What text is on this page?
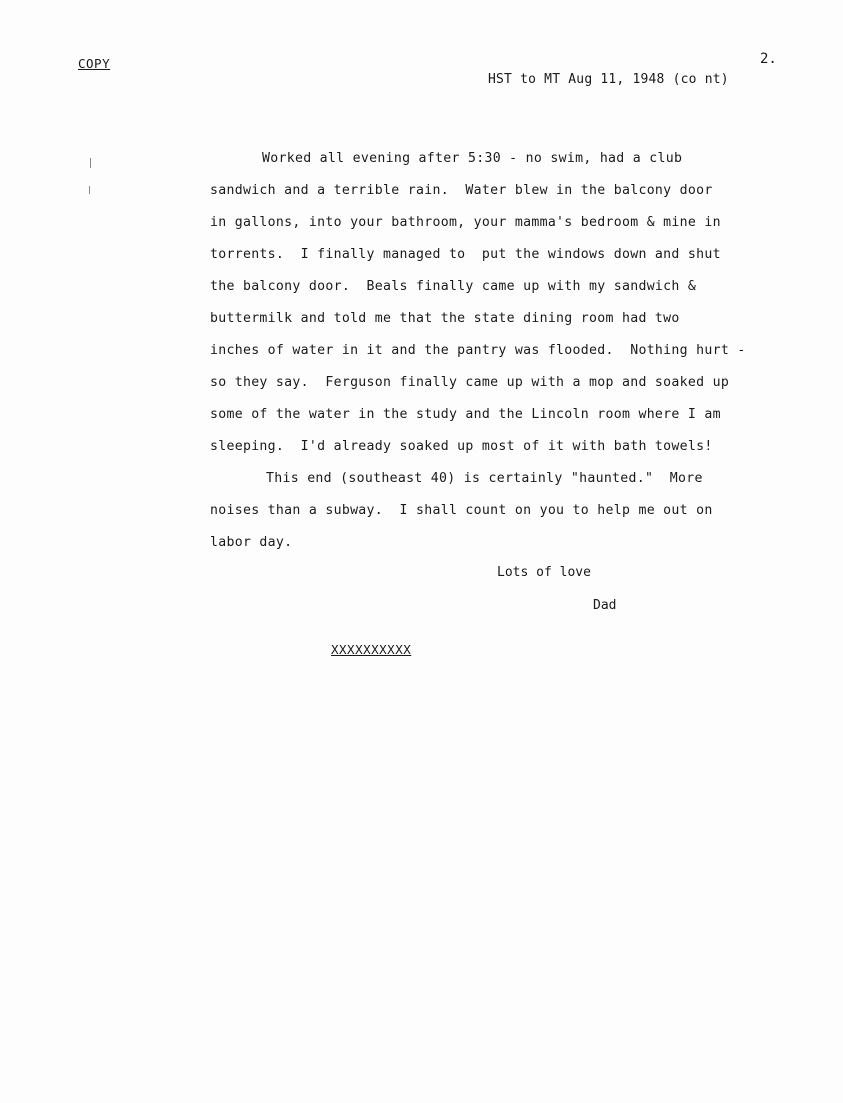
COPY	2.
HST to MT Aug 11, 1948 (co nt)
Worked all evening after 5:30 - no swim, had a club
sandwich and a terrible rain.  Water blew in the balcony door
in gallons, into your bathroom, your mamma's bedroom & mine in
torrents.  I finally managed to  put the windows down and shut
the balcony door.  Beals finally came up with my sandwich &
buttermilk and told me that the state dining room had two
inches of water in it and the pantry was flooded.  Nothing hurt -
so they say.  Ferguson finally came up with a mop and soaked up
some of the water in the study and the Lincoln room where I am
sleeping.  I'd already soaked up most of it with bath towels!
This end (southeast 40) is certainly "haunted."  More
noises than a subway.  I shall count on you to help me out on
labor day.
Lots of love
Dad
XXXXXXXXXX
